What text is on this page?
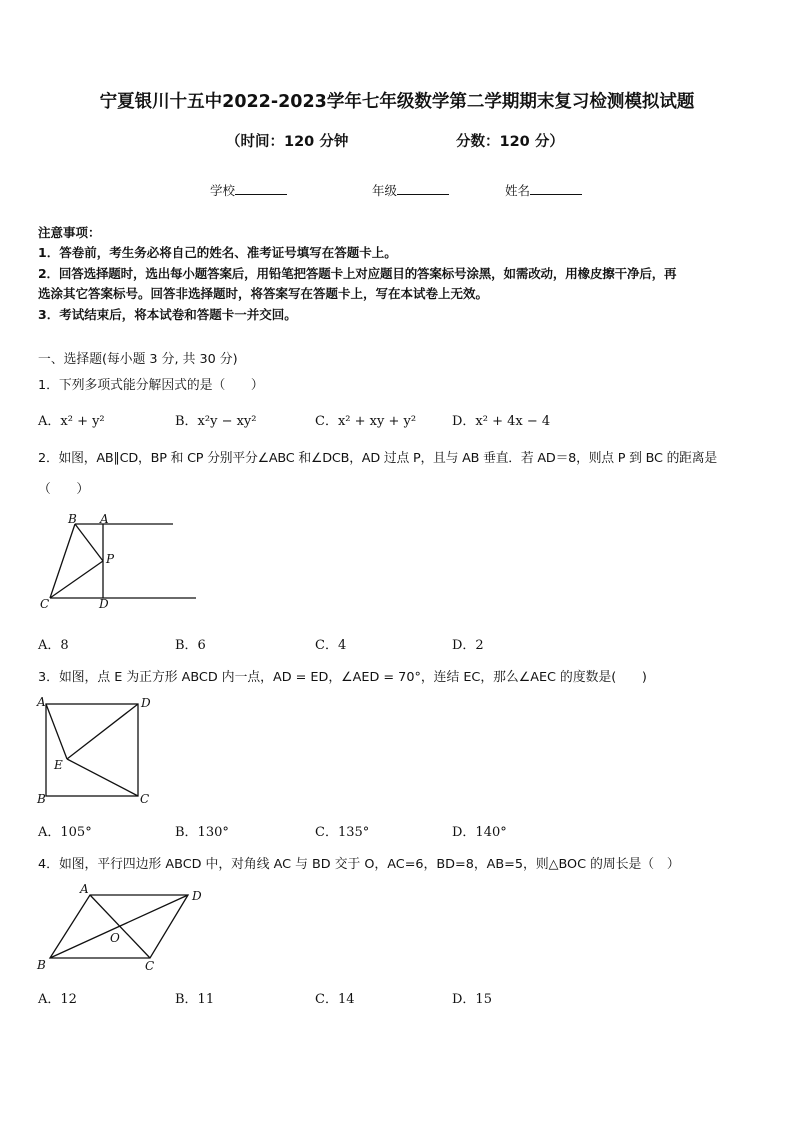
宁夏银川十五中2022-2023学年七年级数学第二学期期末复习检测模拟试题
（时间：120 分钟	分数：120 分）
学校	年级	姓名
注意事项：
1．答卷前，考生务必将自己的姓名、准考证号填写在答题卡上。
2．回答选择题时，选出每小题答案后，用铅笔把答题卡上对应题目的答案标号涂黑，如需改动，用橡皮擦干净后，再
选涂其它答案标号。回答非选择题时，将答案写在答题卡上，写在本试卷上无效。
3．考试结束后，将本试卷和答题卡一并交回。
一、选择题(每小题 3 分, 共 30 分)
1．下列多项式能分解因式的是（　　）
A．x² + y²	B．x²y − xy²	C．x² + xy + y²	D．x² + 4x − 4
2．如图，AB∥CD，BP 和 CP 分别平分∠ABC 和∠DCB，AD 过点 P，且与 AB 垂直．若 AD＝8，则点 P 到 BC 的距离是
（　　）
B A
P
C	D
A．8	B．6	C．4	D．2
3．如图，点 E 为正方形 ABCD 内一点，AD = ED，∠AED = 70°，连结 EC，那么∠AEC 的度数是(　　)
A	D
E
B	C
A．105°	B．130°	C．135°	D．140°
4．如图，平行四边形 ABCD 中，对角线 AC 与 BD 交于 O，AC=6，BD=8，AB=5，则△BOC 的周长是（　）
A	D
O
B	C
A．12	B．11	C．14	D．15
